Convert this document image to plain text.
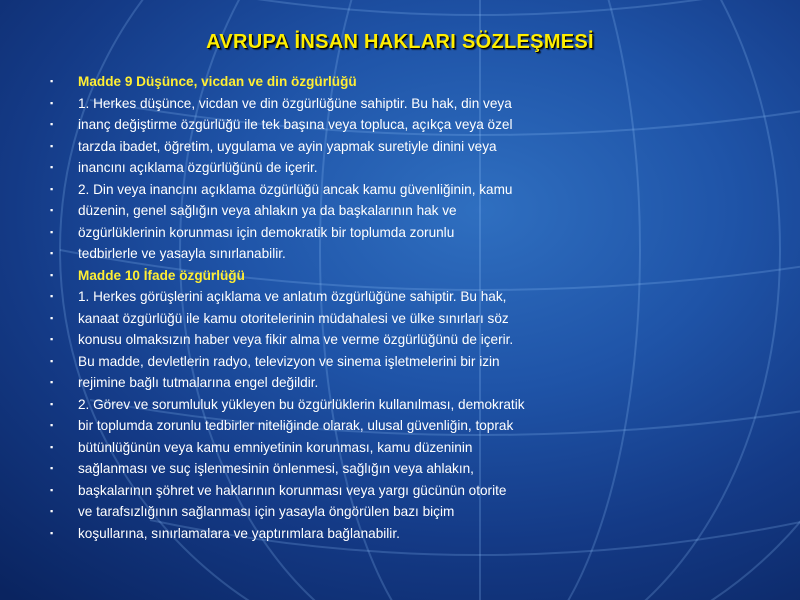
AVRUPA İNSAN HAKLARI SÖZLEŞMESİ
▪ Madde 9 Düşünce, vicdan ve din özgürlüğü
▪ 1. Herkes düşünce, vicdan ve din özgürlüğüne sahiptir. Bu hak, din veya
▪ inanç değiştirme özgürlüğü ile tek başına veya topluca, açıkça veya özel
▪ tarzda ibadet, öğretim, uygulama ve ayin yapmak suretiyle dinini veya
▪ inancını açıklama özgürlüğünü de içerir.
▪ 2. Din veya inancını açıklama özgürlüğü ancak kamu güvenliğinin, kamu
▪ düzenin, genel sağlığın veya ahlakın ya da başkalarının hak ve
▪ özgürlüklerinin korunması için demokratik bir toplumda zorunlu
▪ tedbirlerle ve yasayla sınırlanabilir.
▪ Madde 10 İfade özgürlüğü
▪ 1. Herkes görüşlerini açıklama ve anlatım özgürlüğüne sahiptir. Bu hak,
▪ kanaat özgürlüğü ile kamu otoritelerinin müdahalesi ve ülke sınırları söz
▪ konusu olmaksızın haber veya fikir alma ve verme özgürlüğünü de içerir.
▪ Bu madde, devletlerin radyo, televizyon ve sinema işletmelerini bir izin
▪ rejimine bağlı tutmalarına engel değildir.
▪ 2. Görev ve sorumluluk yükleyen bu özgürlüklerin kullanılması, demokratik
▪ bir toplumda zorunlu tedbirler niteliğinde olarak, ulusal güvenliğin, toprak
▪ bütünlüğünün veya kamu emniyetinin korunması, kamu düzeninin
▪ sağlanması ve suç işlenmesinin önlenmesi, sağlığın veya ahlakın,
▪ başkalarının şöhret ve haklarının korunması veya yargı gücünün otorite
▪ ve tarafsızlığının sağlanması için yasayla öngörülen bazı biçim
▪ koşullarına, sınırlamalara ve yaptırımlara bağlanabilir.
